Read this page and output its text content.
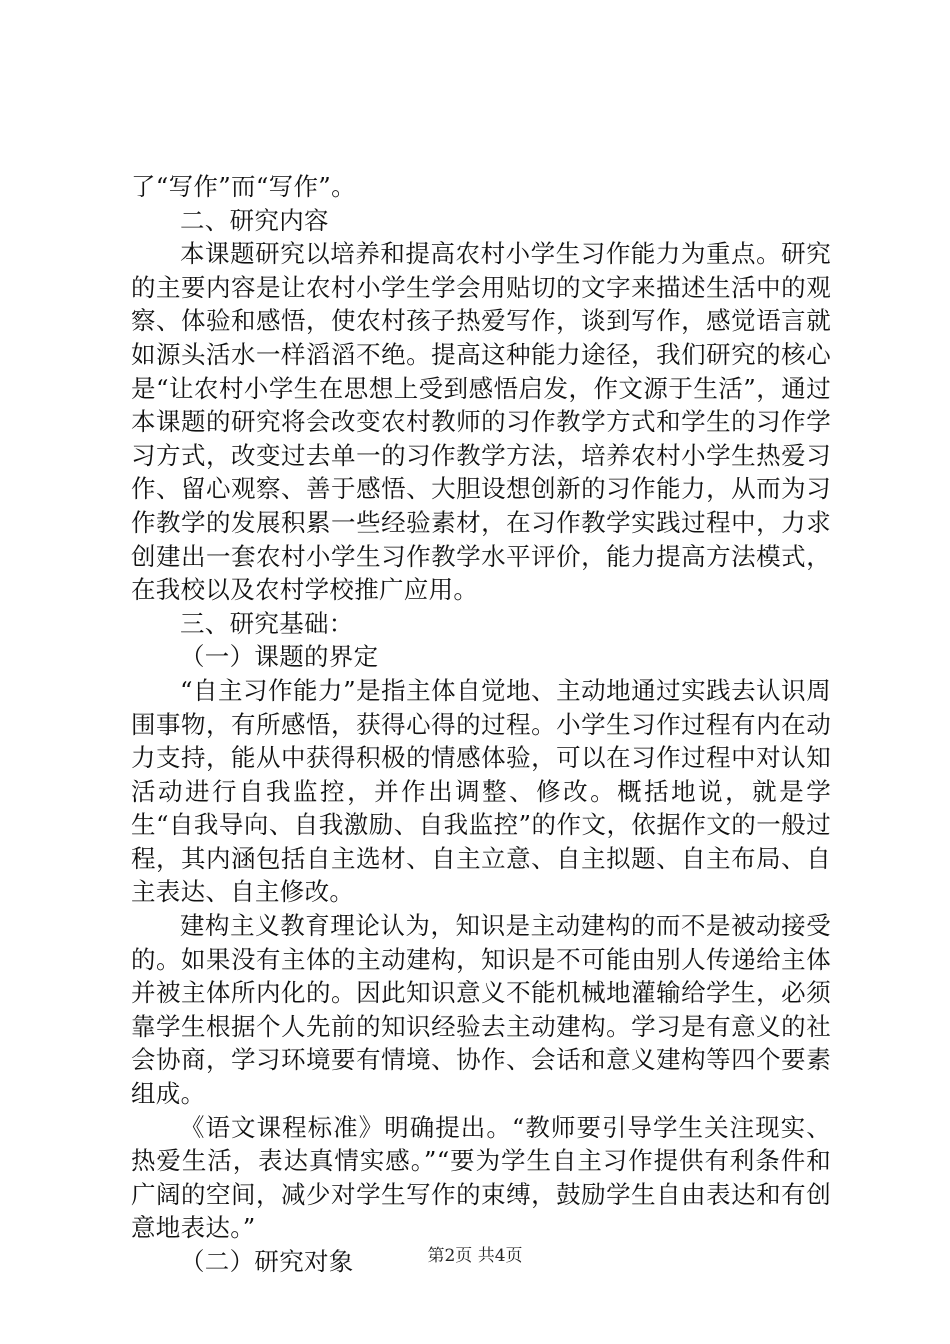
了“写作”而“写作”。

二、研究内容

本课题研究以培养和提高农村小学生习作能力为重点。研究的主要内容是让农村小学生学会用贴切的文字来描述生活中的观察、体验和感悟，使农村孩子热爱写作，谈到写作，感觉语言就如源头活水一样滔滔不绝。提高这种能力途径，我们研究的核心是“让农村小学生在思想上受到感悟启发，作文源于生活”，通过本课题的研究将会改变农村教师的习作教学方式和学生的习作学习方式，改变过去单一的习作教学方法，培养农村小学生热爱习作、留心观察、善于感悟、大胆设想创新的习作能力，从而为习作教学的发展积累一些经验素材，在习作教学实践过程中，力求创建出一套农村小学生习作教学水平评价，能力提高方法模式，在我校以及农村学校推广应用。

三、研究基础：

（一）课题的界定

“自主习作能力”是指主体自觉地、主动地通过实践去认识周围事物，有所感悟，获得心得的过程。小学生习作过程有内在动力支持，能从中获得积极的情感体验，可以在习作过程中对认知活动进行自我监控，并作出调整、修改。概括地说，就是学生“自我导向、自我激励、自我监控”的作文，依据作文的一般过程，其内涵包括自主选材、自主立意、自主拟题、自主布局、自主表达、自主修改。

建构主义教育理论认为，知识是主动建构的而不是被动接受的。如果没有主体的主动建构，知识是不可能由别人传递给主体并被主体所内化的。因此知识意义不能机械地灌输给学生，必须靠学生根据个人先前的知识经验去主动建构。学习是有意义的社会协商，学习环境要有情境、协作、会话和意义建构等四个要素组成。

《语文课程标准》明确提出。“教师要引导学生关注现实、热爱生活，表达真情实感。”“要为学生自主习作提供有利条件和广阔的空间，减少对学生写作的束缚，鼓励学生自由表达和有创意地表达。”

（二）研究对象	第2页 共4页
